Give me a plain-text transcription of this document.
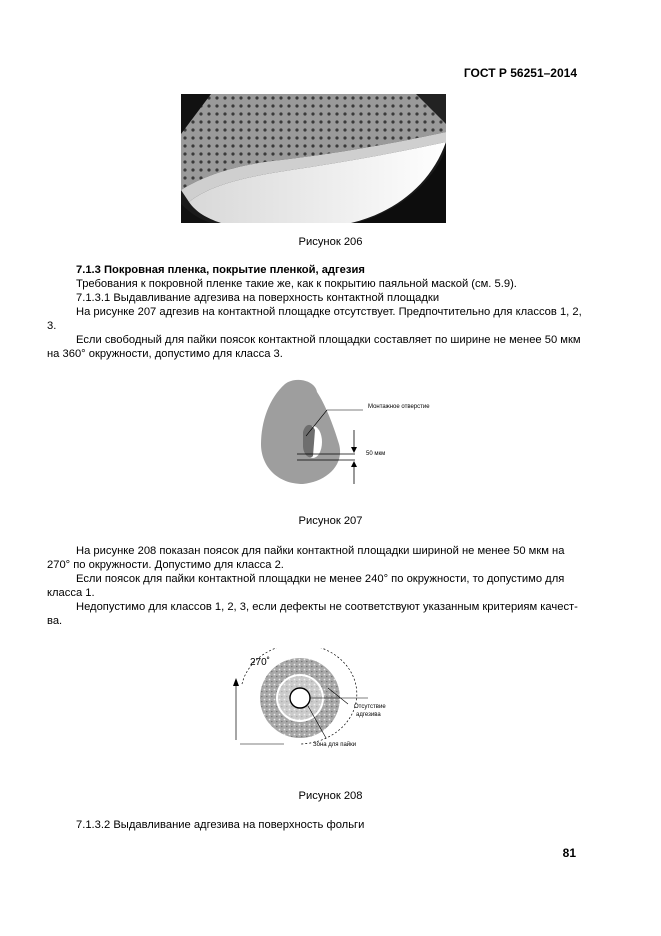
ГОСТ Р 56251–2014
Рисунок 206
7.1.3 Покровная пленка, покрытие пленкой, адгезия
Требования к покровной пленке такие же, как к покрытию паяльной маской (см. 5.9).
7.1.3.1 Выдавливание адгезива на поверхность контактной площадки
На рисунке 207 адгезив на контактной площадке отсутствует. Предпочтительно для классов 1, 2,
3.
Если свободный для пайки поясок контактной площадки составляет по ширине не менее 50 мкм
на 360° окружности, допустимо для класса 3.
Монтажное отверстие
50 мкм
Рисунок 207
На рисунке 208 показан поясок для пайки контактной площадки шириной не менее 50 мкм на
270° по окружности. Допустимо для класса 2.
Если поясок для пайки контактной площадки не менее 240° по окружности, то допустимо для
класса 1.
Недопустимо для классов 1, 2, 3, если дефекты не соответствуют указанным критериям качест-
ва.
270˚
Отсутствие
адгезива
Зона для пайки
Рисунок 208
7.1.3.2 Выдавливание адгезива на поверхность фольги
81
